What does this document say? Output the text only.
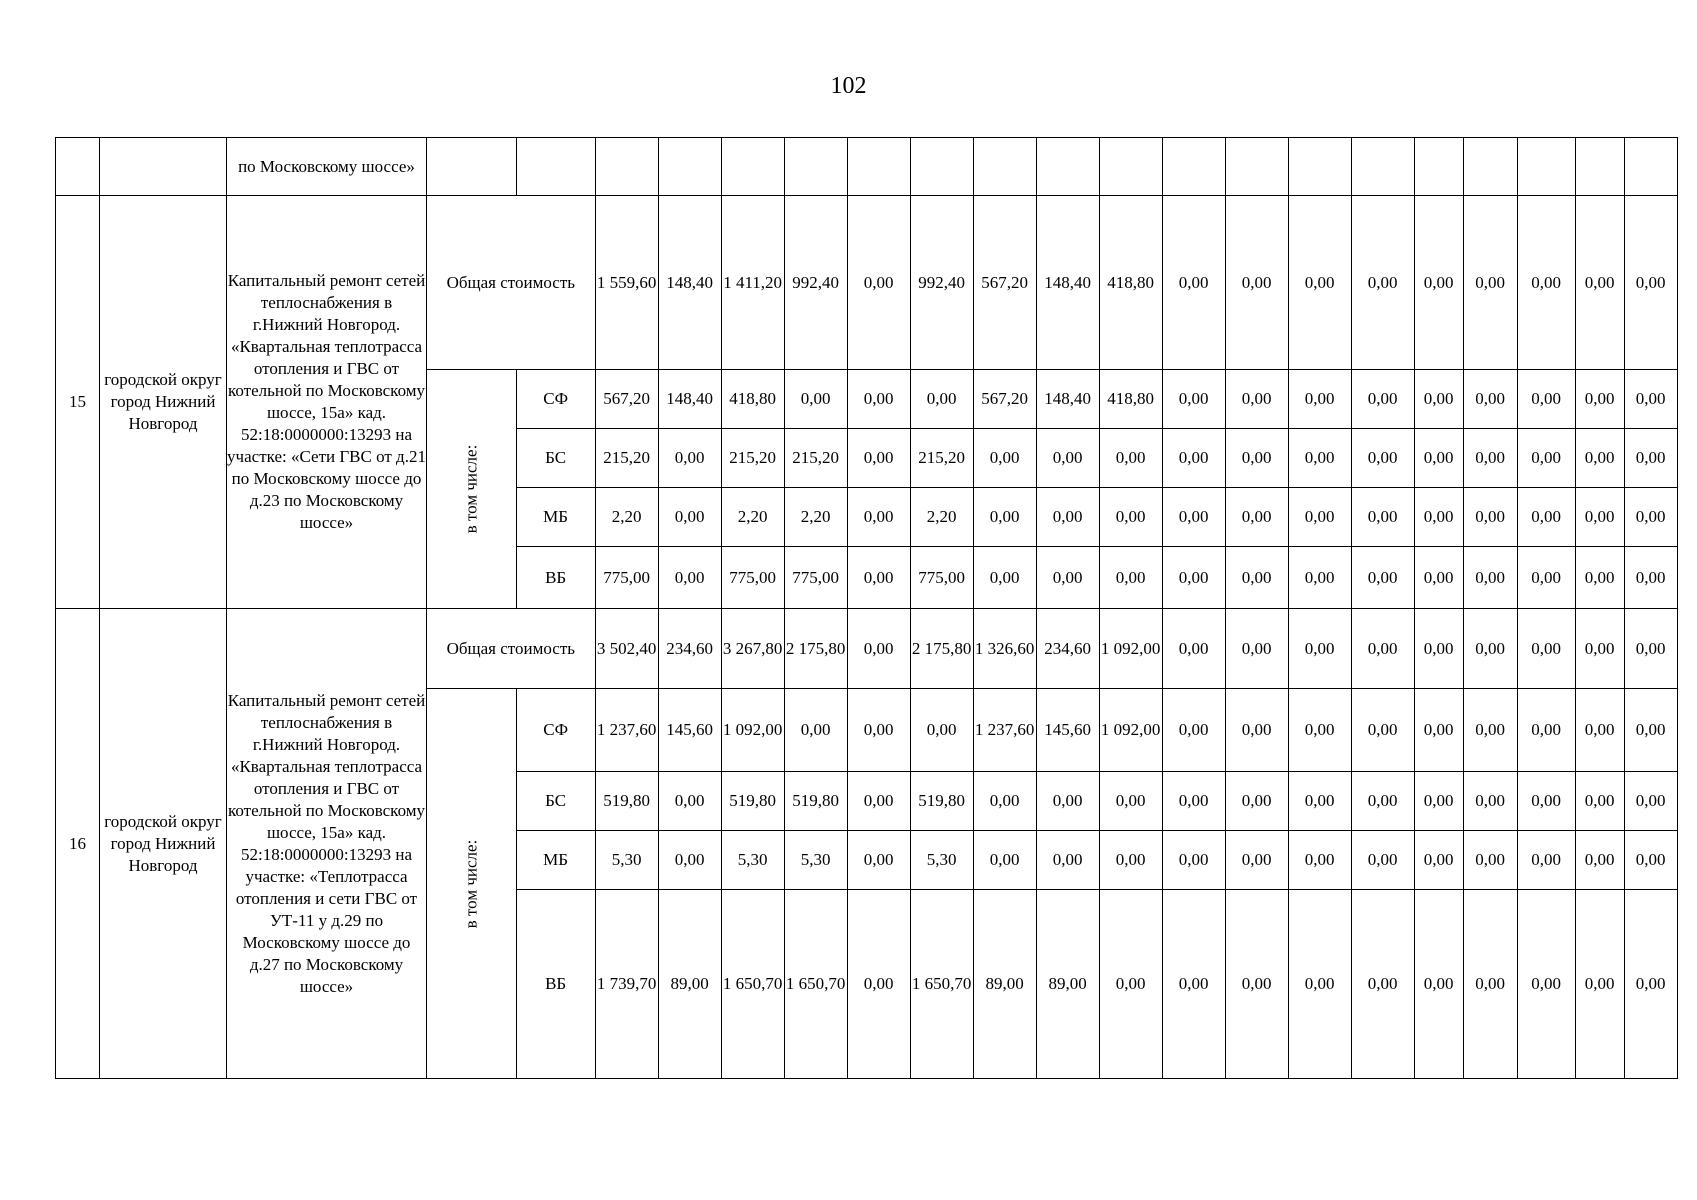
102
		по Московскому шоссе»																				
15	городской округ город Нижний Новгород	Капитальный ремонт сетей теплоснабжения в г.Нижний Новгород. «Квартальная теплотрасса отопления и ГВС от котельной по Московскому шоссе, 15а» кад. 52:18:0000000:13293 на участке: «Сети ГВС от д.21 по Московскому шоссе до д.23 по Московскому шоссе»	Общая стоимость		1 559,60	148,40	1 411,20	992,40	0,00	992,40	567,20	148,40	418,80	0,00	0,00	0,00	0,00	0,00	0,00	0,00	0,00	0,00
			в том числе:	СФ	567,20	148,40	418,80	0,00	0,00	0,00	567,20	148,40	418,80	0,00	0,00	0,00	0,00	0,00	0,00	0,00	0,00	0,00
				БС	215,20	0,00	215,20	215,20	0,00	215,20	0,00	0,00	0,00	0,00	0,00	0,00	0,00	0,00	0,00	0,00	0,00	0,00
				МБ	2,20	0,00	2,20	2,20	0,00	2,20	0,00	0,00	0,00	0,00	0,00	0,00	0,00	0,00	0,00	0,00	0,00	0,00
				ВБ	775,00	0,00	775,00	775,00	0,00	775,00	0,00	0,00	0,00	0,00	0,00	0,00	0,00	0,00	0,00	0,00	0,00	0,00
16	городской округ город Нижний Новгород	Капитальный ремонт сетей теплоснабжения в г.Нижний Новгород. «Квартальная теплотрасса отопления и ГВС от котельной по Московскому шоссе, 15а» кад. 52:18:0000000:13293 на участке: «Теплотрасса отопления и сети ГВС от УТ-11 у д.29 по Московскому шоссе до д.27 по Московскому шоссе»	Общая стоимость		3 502,40	234,60	3 267,80	2 175,80	0,00	2 175,80	1 326,60	234,60	1 092,00	0,00	0,00	0,00	0,00	0,00	0,00	0,00	0,00	0,00
			в том числе:	СФ	1 237,60	145,60	1 092,00	0,00	0,00	0,00	1 237,60	145,60	1 092,00	0,00	0,00	0,00	0,00	0,00	0,00	0,00	0,00	0,00
				БС	519,80	0,00	519,80	519,80	0,00	519,80	0,00	0,00	0,00	0,00	0,00	0,00	0,00	0,00	0,00	0,00	0,00	0,00
				МБ	5,30	0,00	5,30	5,30	0,00	5,30	0,00	0,00	0,00	0,00	0,00	0,00	0,00	0,00	0,00	0,00	0,00	0,00
				ВБ	1 739,70	89,00	1 650,70	1 650,70	0,00	1 650,70	89,00	89,00	0,00	0,00	0,00	0,00	0,00	0,00	0,00	0,00	0,00	0,00
